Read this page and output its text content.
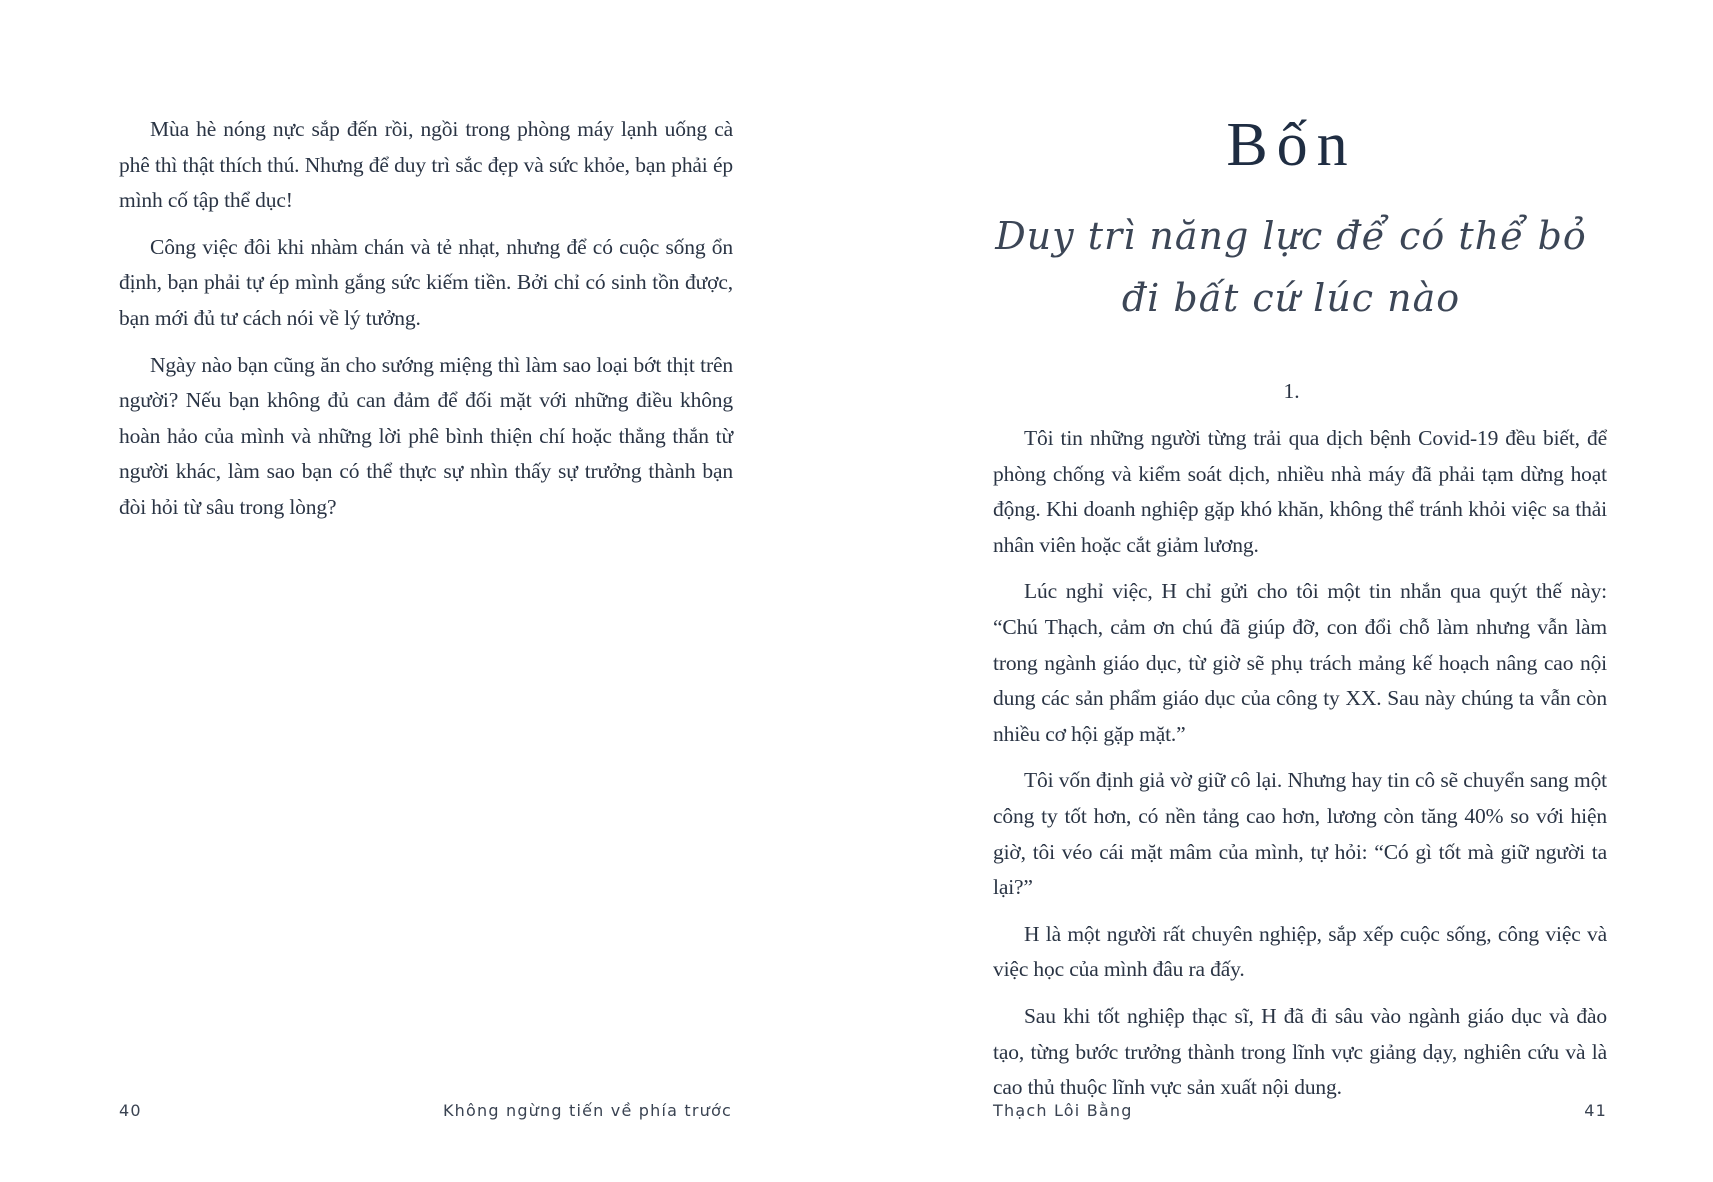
Mùa hè nóng nực sắp đến rồi, ngồi trong phòng máy lạnh uống cà phê thì thật thích thú. Nhưng để duy trì sắc đẹp và sức khỏe, bạn phải ép mình cố tập thể dục!

Công việc đôi khi nhàm chán và tẻ nhạt, nhưng để có cuộc sống ổn định, bạn phải tự ép mình gắng sức kiếm tiền. Bởi chỉ có sinh tồn được, bạn mới đủ tư cách nói về lý tưởng.

Ngày nào bạn cũng ăn cho sướng miệng thì làm sao loại bớt thịt trên người? Nếu bạn không đủ can đảm để đối mặt với những điều không hoàn hảo của mình và những lời phê bình thiện chí hoặc thẳng thắn từ người khác, làm sao bạn có thể thực sự nhìn thấy sự trưởng thành bạn đòi hỏi từ sâu trong lòng?

40	Không ngừng tiến về phía trước
Bốn
Duy trì năng lực để có thể bỏ đi bất cứ lúc nào
1.

Tôi tin những người từng trải qua dịch bệnh Covid-19 đều biết, để phòng chống và kiểm soát dịch, nhiều nhà máy đã phải tạm dừng hoạt động. Khi doanh nghiệp gặp khó khăn, không thể tránh khỏi việc sa thải nhân viên hoặc cắt giảm lương.

Lúc nghỉ việc, H chỉ gửi cho tôi một tin nhắn qua quýt thế này: “Chú Thạch, cảm ơn chú đã giúp đỡ, con đổi chỗ làm nhưng vẫn làm trong ngành giáo dục, từ giờ sẽ phụ trách mảng kế hoạch nâng cao nội dung các sản phẩm giáo dục của công ty XX. Sau này chúng ta vẫn còn nhiều cơ hội gặp mặt.”

Tôi vốn định giả vờ giữ cô lại. Nhưng hay tin cô sẽ chuyển sang một công ty tốt hơn, có nền tảng cao hơn, lương còn tăng 40% so với hiện giờ, tôi véo cái mặt mâm của mình, tự hỏi: “Có gì tốt mà giữ người ta lại?”

H là một người rất chuyên nghiệp, sắp xếp cuộc sống, công việc và việc học của mình đâu ra đấy.

Sau khi tốt nghiệp thạc sĩ, H đã đi sâu vào ngành giáo dục và đào tạo, từng bước trưởng thành trong lĩnh vực giảng dạy, nghiên cứu và là cao thủ thuộc lĩnh vực sản xuất nội dung.

Thạch Lôi Bằng	41
